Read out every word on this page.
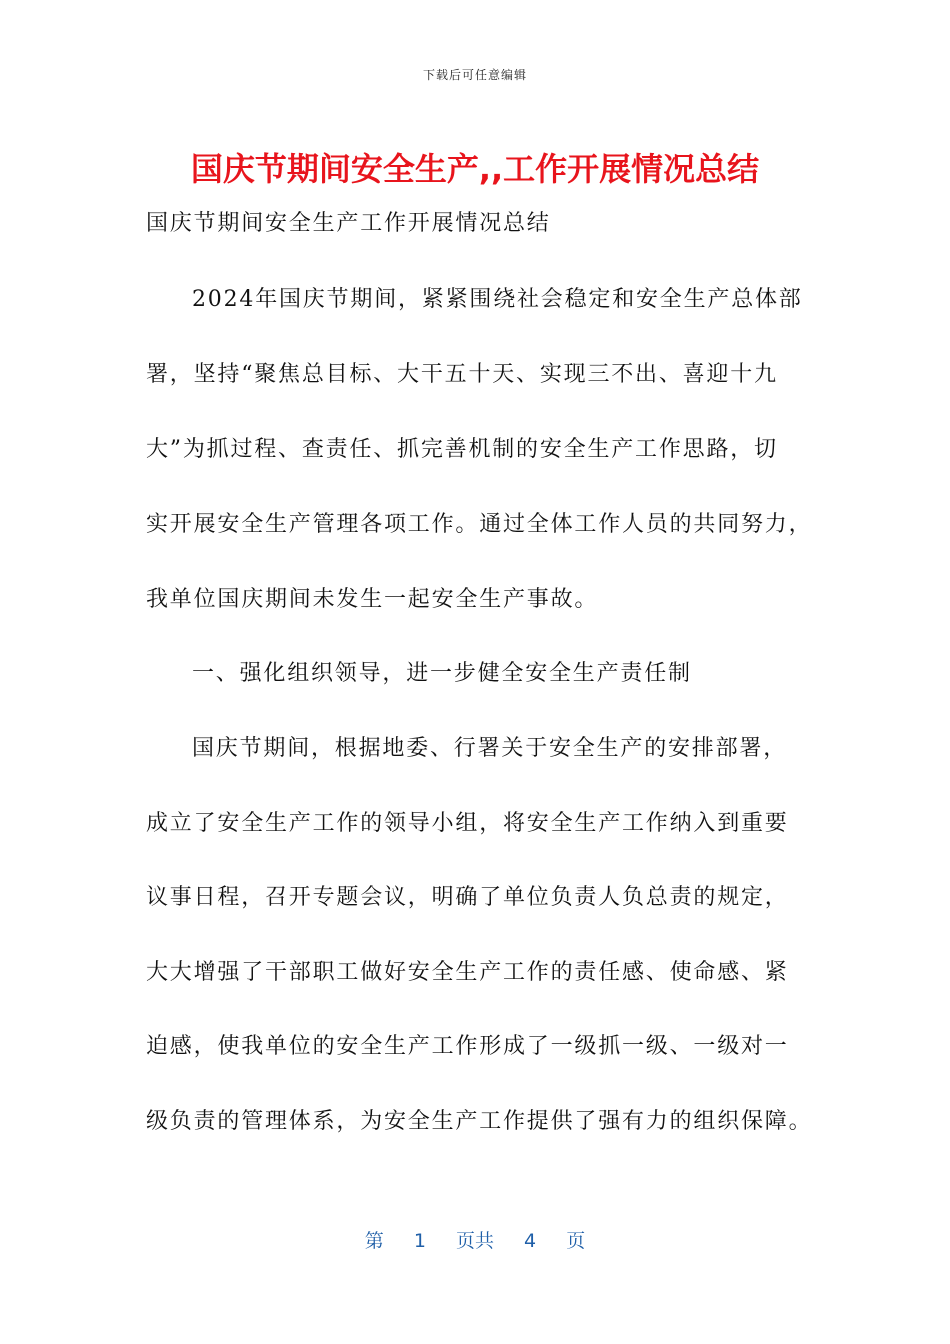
下载后可任意编辑
国庆节期间安全生产,,工作开展情况总结
国庆节期间安全生产工作开展情况总结
2024年国庆节期间，紧紧围绕社会稳定和安全生产总体部
署，坚持“聚焦总目标、大干五十天、实现三不出、喜迎十九
大”为抓过程、查责任、抓完善机制的安全生产工作思路，切
实开展安全生产管理各项工作。通过全体工作人员的共同努力，
我单位国庆期间未发生一起安全生产事故。
一、强化组织领导，进一步健全安全生产责任制
国庆节期间，根据地委、行署关于安全生产的安排部署，
成立了安全生产工作的领导小组，将安全生产工作纳入到重要
议事日程，召开专题会议，明确了单位负责人负总责的规定，
大大增强了干部职工做好安全生产工作的责任感、使命感、紧
迫感，使我单位的安全生产工作形成了一级抓一级、一级对一
级负责的管理体系，为安全生产工作提供了强有力的组织保障。
第 1 页共 4 页
